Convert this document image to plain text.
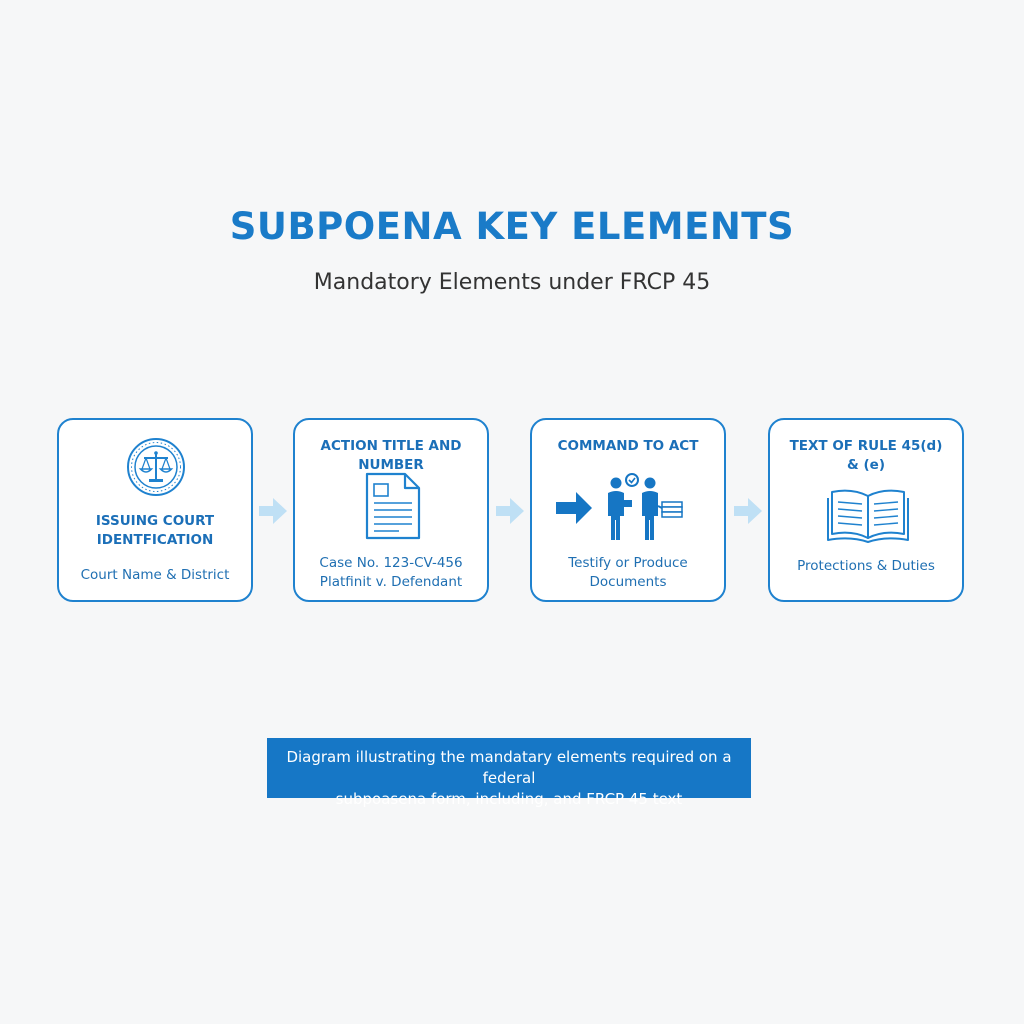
SUBPOENA KEY ELEMENTS
Mandatory Elements under FRCP 45
ISSUING COURT
IDENTFICATION
Court Name & District
ACTION TITLE AND NUMBER
Case No. 123-CV-456
Platfinit v. Defendant
COMMAND TO ACT
Testify or Produce
Documents
TEXT OF RULE 45(d)
& (e)
Protections & Duties
Diagram illustrating the mandatary elements required on a federal
subpoasena form, including, and FRCP 45 text
